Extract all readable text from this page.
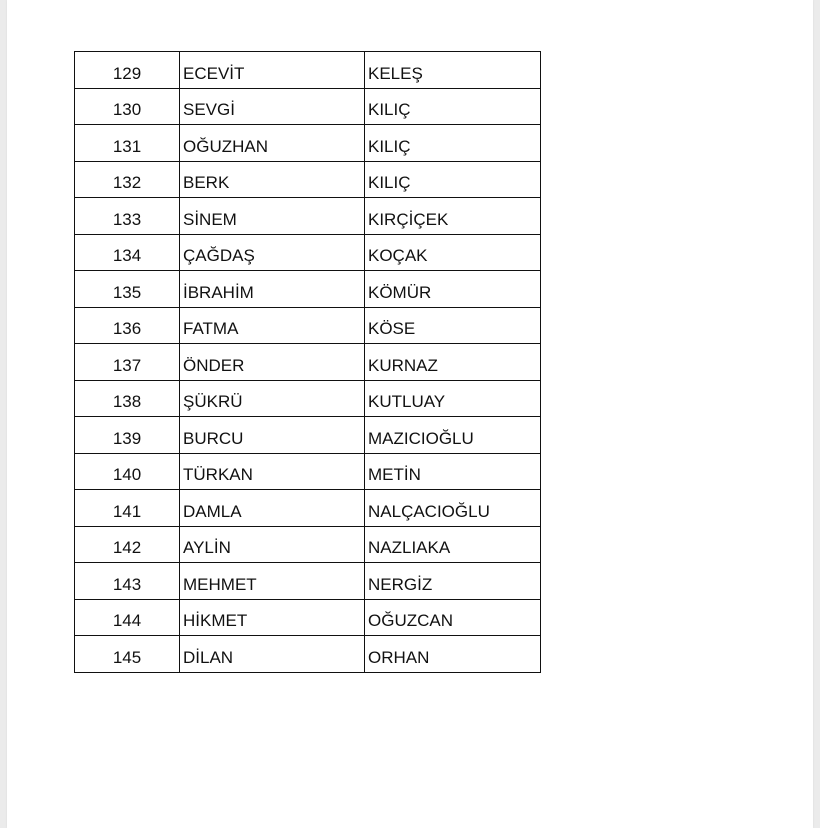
129	ECEVİT	KELEŞ
130	SEVGİ	KILIÇ
131	OĞUZHAN	KILIÇ
132	BERK	KILIÇ
133	SİNEM	KIRÇİÇEK
134	ÇAĞDAŞ	KOÇAK
135	İBRAHİM	KÖMÜR
136	FATMA	KÖSE
137	ÖNDER	KURNAZ
138	ŞÜKRÜ	KUTLUAY
139	BURCU	MAZICIOĞLU
140	TÜRKAN	METİN
141	DAMLA	NALÇACIOĞLU
142	AYLİN	NAZLIAKA
143	MEHMET	NERGİZ
144	HİKMET	OĞUZCAN
145	DİLAN	ORHAN
